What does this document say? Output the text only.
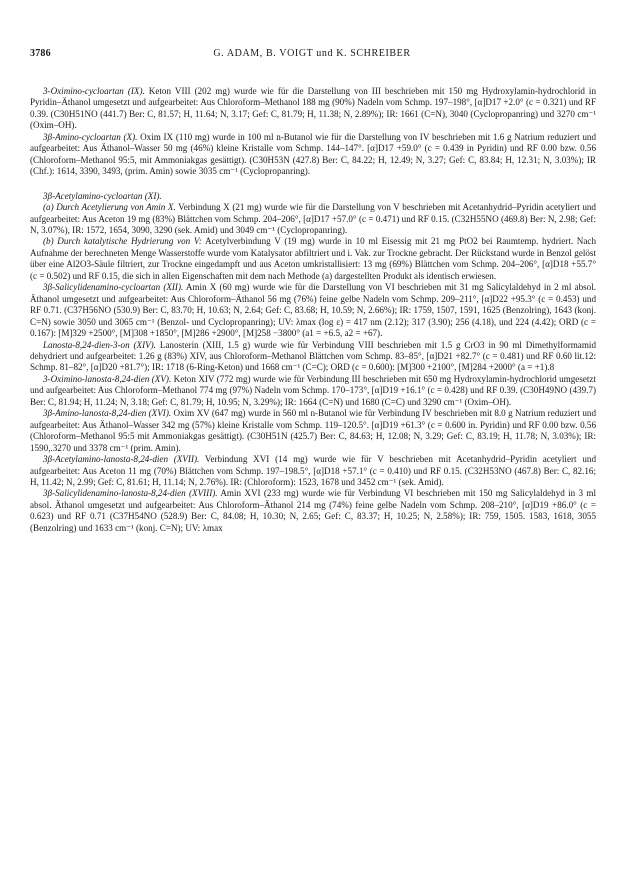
3786	G. ADAM, B. VOIGT und K. SCHREIBER

3-Oximino-cycloartan (IX). Keton VIII (202 mg) wurde wie für die Darstellung von III beschrieben mit 150 mg Hydroxylamin-hydrochlorid in Pyridin–Äthanol umgesetzt und aufgearbeitet: Aus Chloroform–Methanol 188 mg (90%) Nadeln vom Schmp. 197–198°, [α]D17 +2.0° (c = 0.321) und RF 0.39. (C30H51NO (441.7) Ber: C, 81.57; H, 11.64; N, 3.17; Gef: C, 81.79; H, 11.38; N, 2.89%); IR: 1661 (C=N), 3040 (Cyclopropanring) und 3270 cm⁻¹ (Oxim–OH).

3β-Amino-cycloartan (X). Oxim IX (110 mg) wurde in 100 ml n-Butanol wie für die Darstellung von IV beschrieben mit 1.6 g Natrium reduziert und aufgearbeitet: Aus Äthanol–Wasser 50 mg (46%) kleine Kristalle vom Schmp. 144–147°. [α]D17 +59.0° (c = 0.439 in Pyridin) und RF 0.00 bzw. 0.56 (Chloroform–Methanol 95:5, mit Ammoniakgas gesättigt). (C30H53N (427.8) Ber: C, 84.22; H, 12.49; N, 3.27; Gef: C, 83.84; H, 12.31; N, 3.03%); IR (Chf.): 1614, 3390, 3493, (prim. Amin) sowie 3035 cm⁻¹ (Cyclopropanring).

3β-Acetylamino-cycloartan (XI).

(a) Durch Acetylierung von Amin X. Verbindung X (21 mg) wurde wie für die Darstellung von V beschrieben mit Acetanhydrid–Pyridin acetyliert und aufgearbeitet: Aus Aceton 19 mg (83%) Blättchen vom Schmp. 204–206°, [α]D17 +57.0° (c = 0.471) und RF 0.15. (C32H55NO (469.8) Ber: N, 2.98; Gef: N, 3.07%), IR: 1572, 1654, 3090, 3290 (sek. Amid) und 3049 cm⁻¹ (Cyclopropanring).

(b) Durch katalytische Hydrierung von V: Acetylverbindung V (19 mg) wurde in 10 ml Eisessig mit 21 mg PtO2 bei Raumtemp. hydriert. Nach Aufnahme der berechneten Menge Wasserstoffe wurde vom Katalysator abfiltriert und i. Vak. zur Trockne gebracht. Der Rückstand wurde in Benzol gelöst über eine Al2O3-Säule filtriert, zur Trockne eingedampft und aus Aceton umkristallisiert: 13 mg (69%) Blättchen vom Schmp. 204–206°, [α]D18 +55.7° (c = 0.502) und RF 0.15, die sich in allen Eigenschaften mit dem nach Methode (a) dargestellten Produkt als identisch erwiesen.

3β-Salicylidenamino-cycloartan (XII). Amin X (60 mg) wurde wie für die Darstellung von VI beschrieben mit 31 mg Salicylaldehyd in 2 ml absol. Äthanol umgesetzt und aufgearbeitet: Aus Chloroform–Äthanol 56 mg (76%) feine gelbe Nadeln vom Schmp. 209–211°, [α]D22 +95.3° (c = 0.453) und RF 0.71. (C37H56NO (530.9) Ber: C, 83.70; H, 10.63; N, 2.64; Gef: C, 83.68; H, 10.59; N, 2.66%); IR: 1759, 1507, 1591, 1625 (Benzolring), 1643 (konj. C=N) sowie 3050 und 3065 cm⁻¹ (Benzol- und Cyclopropanring); UV: λmax (log ε) = 417 nm (2.12); 317 (3.90); 256 (4.18), und 224 (4.42); ORD (c = 0.167): [M]329 +2500°, [M]308 +1850°, [M]286 +2900°, [M]258 −3800° (a1 = +6.5, a2 = +67).

Lanosta-8,24-dien-3-on (XIV). Lanosterin (XIII, 1.5 g) wurde wie für Verbindung VIII beschrieben mit 1.5 g CrO3 in 90 ml Dimethylformamid dehydriert und aufgearbeitet: 1.26 g (83%) XIV, aus Chloroform–Methanol Blättchen vom Schmp. 83–85°, [α]D21 +82.7° (c = 0.481) und RF 0.60 lit.12: Schmp. 81–82°, [α]D20 +81.7°); IR: 1718 (6-Ring-Keton) und 1668 cm⁻¹ (C=C); ORD (c = 0.600): [M]300 +2100°, [M]284 +2000° (a = +1).8

3-Oximino-lanosta-8,24-dien (XV). Keton XIV (772 mg) wurde wie für Verbindung III beschrieben mit 650 mg Hydroxylamin-hydrochlorid umgesetzt und aufgearbeitet: Aus Chloroform–Methanol 774 mg (97%) Nadeln vom Schmp. 170–173°, [α]D19 +16.1° (c = 0.428) und RF 0.39. (C30H49NO (439.7) Ber: C, 81.94; H, 11.24; N, 3.18; Gef: C, 81.79; H, 10.95; N, 3.29%); IR: 1664 (C=N) und 1680 (C=C) und 3290 cm⁻¹ (Oxim–OH).

3β-Amino-lanosta-8,24-dien (XVI). Oxim XV (647 mg) wurde in 560 ml n-Butanol wie für Verbindung IV beschrieben mit 8.0 g Natrium reduziert und aufgearbeitet: Aus Äthanol–Wasser 342 mg (57%) kleine Kristalle vom Schmp. 119–120.5°. [α]D19 +61.3° (c = 0.600 in. Pyridin) und RF 0.00 bzw. 0.56 (Chloroform–Methanol 95:5 mit Ammoniakgas gesättigt). (C30H51N (425.7) Ber: C, 84.63; H, 12.08; N, 3.29; Gef: C, 83.19; H, 11.78; N, 3.03%); IR: 1590,.3270 und 3378 cm⁻¹ (prim. Amin).

3β-Acetylamino-lanosta-8,24-dien (XVII). Verbindung XVI (14 mg) wurde wie für V beschrieben mit Acetanhydrid–Pyridin acetyliert und aufgearbeitet: Aus Aceton 11 mg (70%) Blättchen vom Schmp. 197–198.5°, [α]D18 +57.1° (c = 0.410) und RF 0.15. (C32H53NO (467.8) Ber: C, 82.16; H, 11.42; N, 2.99; Gef: C, 81.61; H, 11.14; N, 2.76%). IR: (Chloroform): 1523, 1678 und 3452 cm⁻¹ (sek. Amid).

3β-Salicylidenamino-lanosta-8,24-dien (XVIII). Amin XVI (233 mg) wurde wie für Verbindung VI beschrieben mit 150 mg Salicylaldehyd in 3 ml absol. Äthanol umgesetzt und aufgearbeitet: Aus Chloroform–Äthanol 214 mg (74%) feine gelbe Nadeln vom Schmp. 208–210°, [α]D19 +86.0° (c = 0.623) und RF 0.71 (C37H54NO (528.9) Ber: C, 84.08; H, 10.30; N, 2.65; Gef: C, 83.37; H, 10.25; N, 2.58%); IR: 759, 1505. 1583, 1618, 3055 (Benzolring) und 1633 cm⁻¹ (konj. C=N); UV: λmax
